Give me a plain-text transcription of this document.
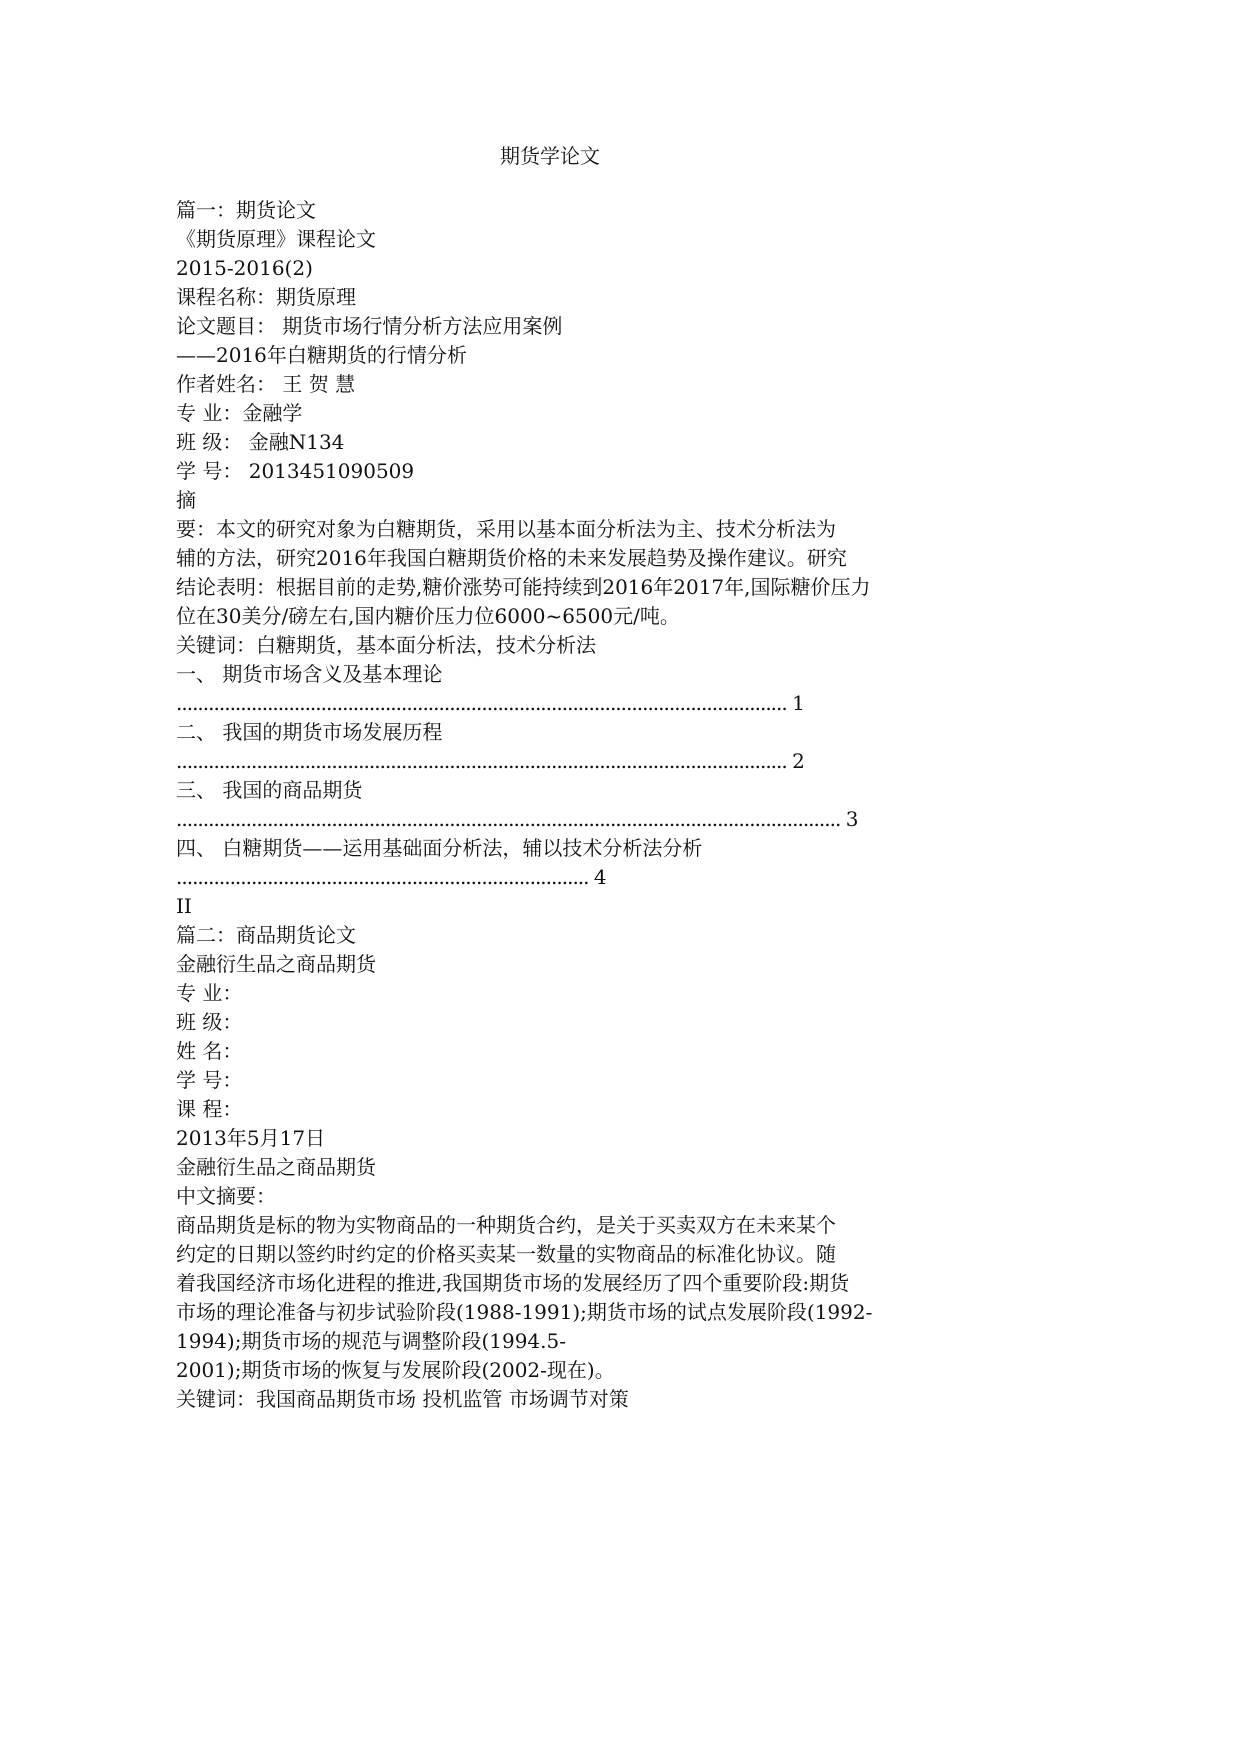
期货学论文
篇一：期货论文
《期货原理》课程论文
2015-2016(2)
课程名称：期货原理
论文题目： 期货市场行情分析方法应用案例
——2016年白糖期货的行情分析
作者姓名： 王 贺 慧
专 业：金融学
班 级： 金融N134
学 号： 2013451090509
摘
要：本文的研究对象为白糖期货，采用以基本面分析法为主、技术分析法为
辅的方法，研究2016年我国白糖期货价格的未来发展趋势及操作建议。研究
结论表明：根据目前的走势,糖价涨势可能持续到2016年2017年,国际糖价压力
位在30美分/磅左右,国内糖价压力位6000~6500元/吨。
关键词：白糖期货，基本面分析法，技术分析法
一、 期货市场含义及基本理论
.................................................................................................................. 1
二、 我国的期货市场发展历程
.................................................................................................................. 2
三、 我国的商品期货
............................................................................................................................ 3
四、 白糖期货——运用基础面分析法，辅以技术分析法分析
............................................................................. 4
II
篇二：商品期货论文
金融衍生品之商品期货
专 业：
班 级：
姓 名：
学 号：
课 程：
2013年5月17日
金融衍生品之商品期货
中文摘要：
商品期货是标的物为实物商品的一种期货合约，是关于买卖双方在未来某个
约定的日期以签约时约定的价格买卖某一数量的实物商品的标准化协议。随
着我国经济市场化进程的推进,我国期货市场的发展经历了四个重要阶段:期货
市场的理论准备与初步试验阶段(1988-1991);期货市场的试点发展阶段(1992-
1994);期货市场的规范与调整阶段(1994.5-
2001);期货市场的恢复与发展阶段(2002-现在)。
关键词：我国商品期货市场 投机监管 市场调节对策
